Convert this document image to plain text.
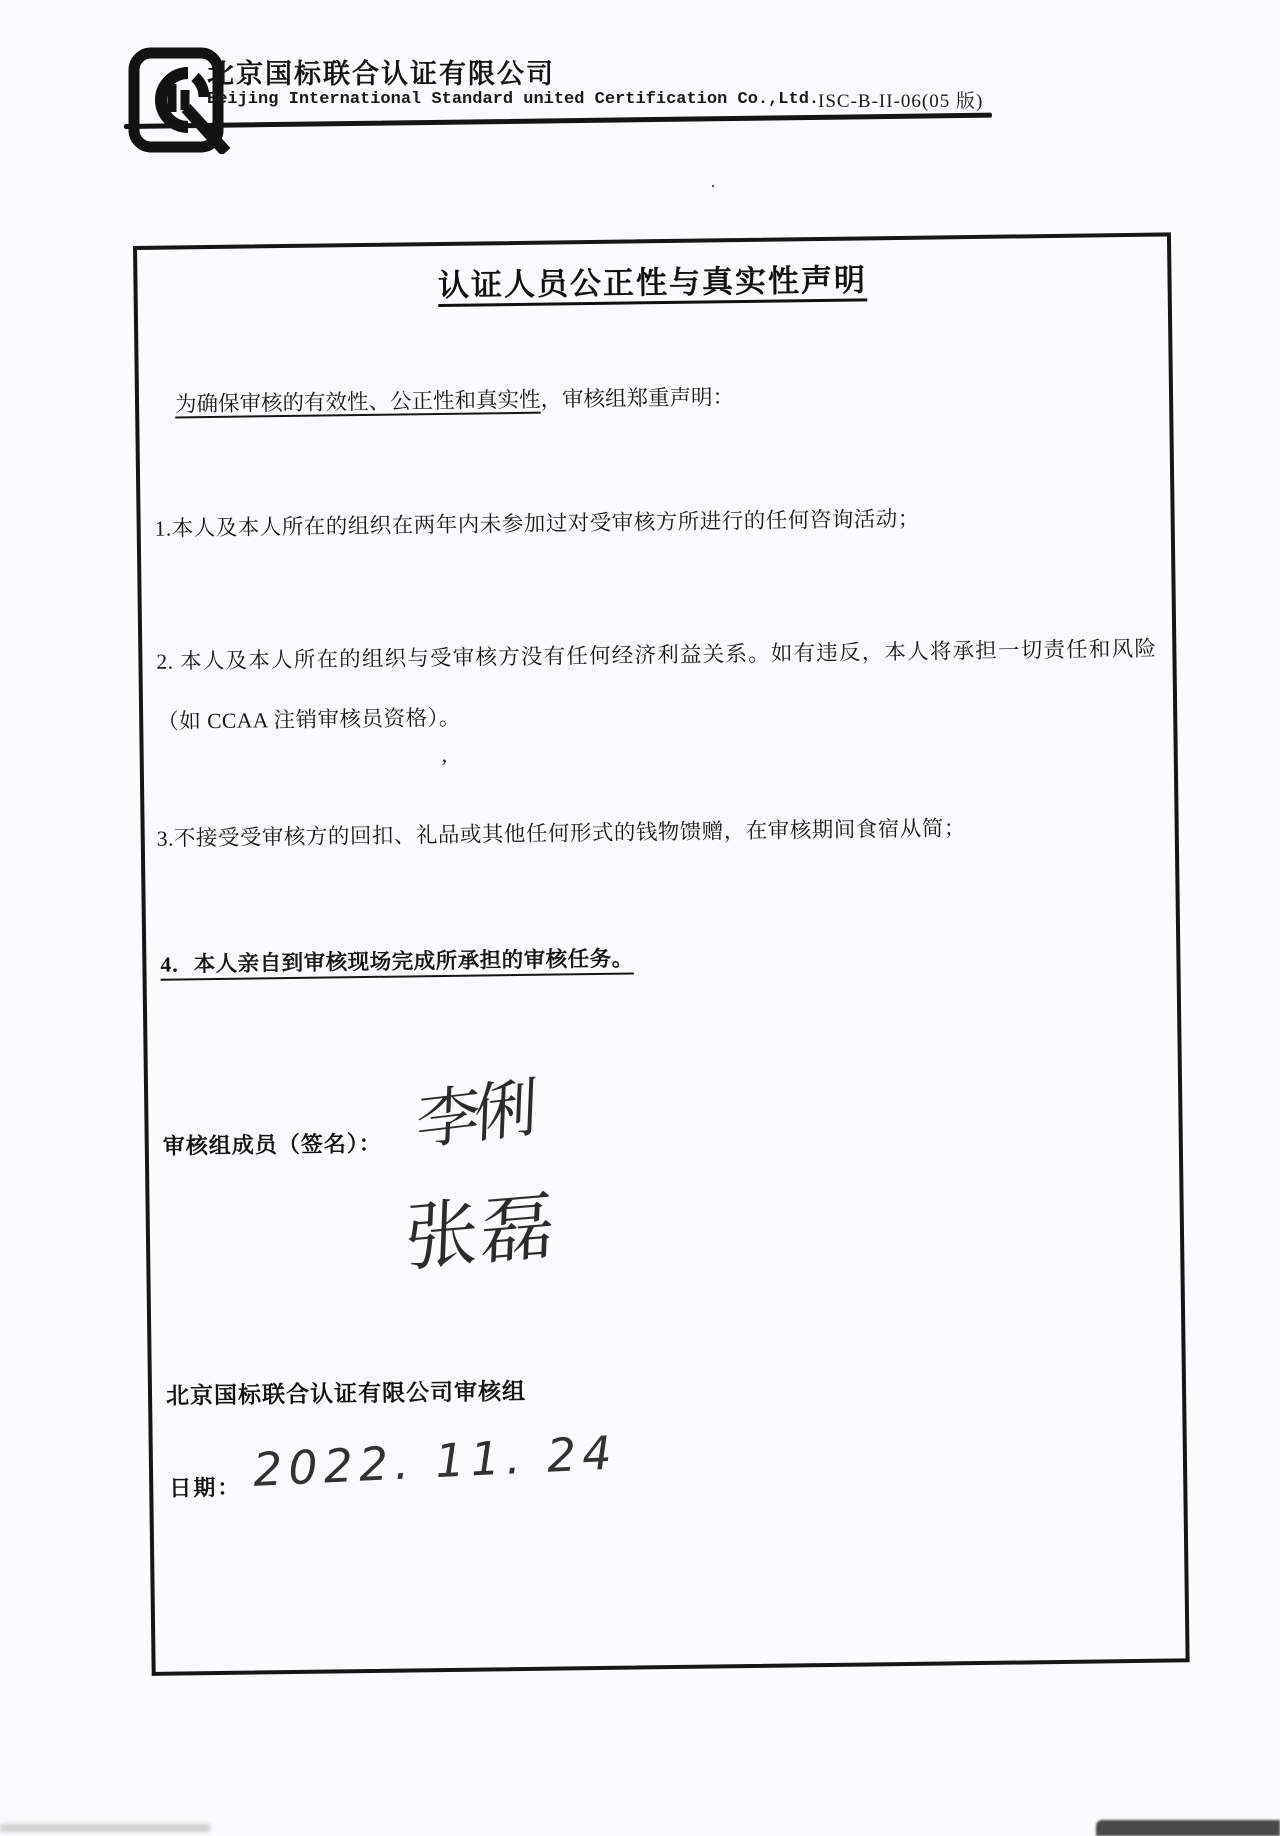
北京国标联合认证有限公司
Beijing International Standard united Certification Co.,Ltd.
ISC-B-II-06(05 版)
·
认证人员公正性与真实性声明
为确保审核的有效性、公正性和真实性，审核组郑重声明：
’
1.本人及本人所在的组织在两年内未参加过对受审核方所进行的任何咨询活动；
2. 本人及本人所在的组织与受审核方没有任何经济利益关系。如有违反，本人将承担一切责任和风险（如 CCAA 注销审核员资格）。
3.不接受受审核方的回扣、礼品或其他任何形式的钱物馈赠，在审核期间食宿从简；
4．本人亲自到审核现场完成所承担的审核任务。
审核组成员（签名）： 李俐
张磊
北京国标联合认证有限公司审核组
日期： 2022. 11. 24
